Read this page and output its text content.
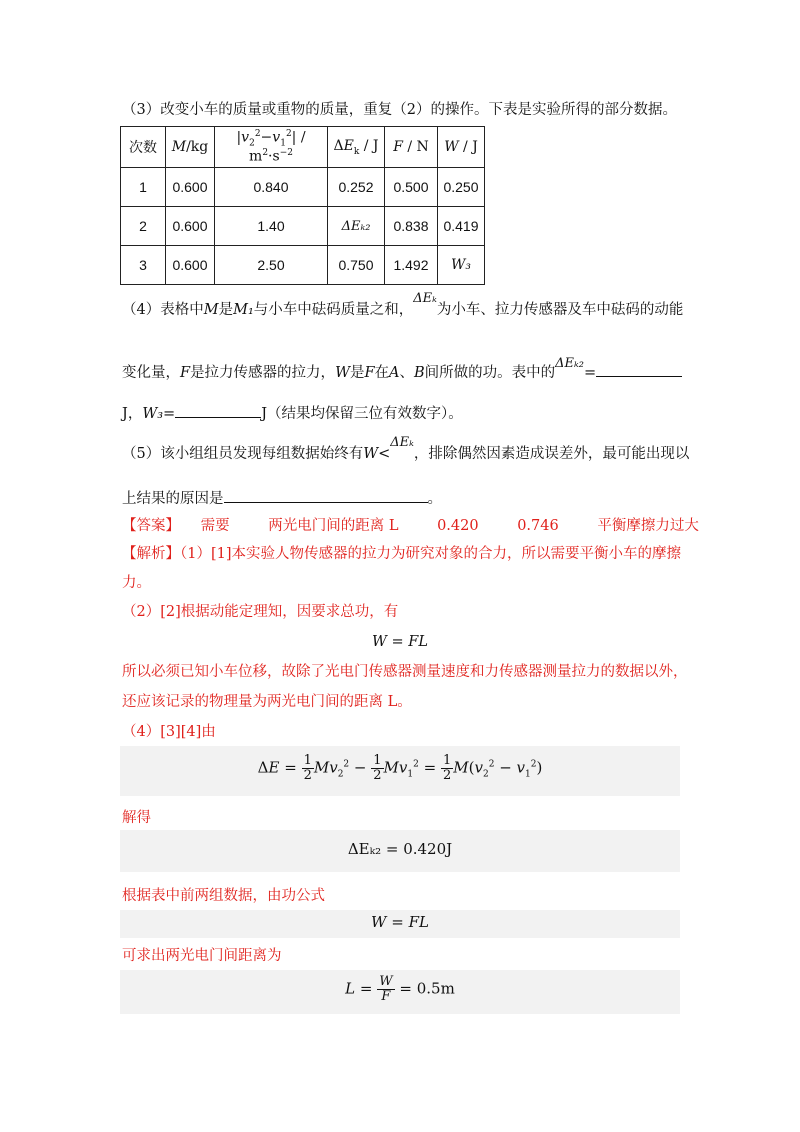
（3）改变小车的质量或重物的质量，重复（2）的操作。下表是实验所得的部分数据。
次数	M/kg	$|v_2^2-v_1^2| / m^2\cdot s^{-2}$	$\Delta E_k$ / J	F / N	W / J
1	0.600	0.840	0.252	0.500	0.250
2	0.600	1.40	ΔEₖ₂	0.838	0.419
3	0.600	2.50	0.750	1.492	W₃
（4）表格中M是M₁与小车中砝码质量之和，ΔEₖ为小车、拉力传感器及车中砝码的动能
变化量，F是拉力传感器的拉力，W是F在A、B间所做的功。表中的ΔEₖ₂=
J，W₃=	J（结果均保留三位有效数字）。
（5）该小组组员发现每组数据始终有W<ΔEₖ，排除偶然因素造成误差外，最可能出现以
上结果的原因是	。
【答案】 需要	两光电门间的距离 L	0.420	0.746	平衡摩擦力过大
【解析】（1）[1]本实验人物传感器的拉力为研究对象的合力，所以需要平衡小车的摩擦
力。
（2）[2]根据动能定理知，因要求总功，有
W = FL
所以必须已知小车位移，故除了光电门传感器测量速度和力传感器测量拉力的数据以外，
还应该记录的物理量为两光电门间的距离 L。
（4）[3][4]由
$\Delta E = \frac{1}{2} Mv_2^2 - \frac{1}{2} Mv_1^2 = \frac{1}{2} M(v_2^2 - v_1^2)$
解得
ΔEₖ₂ = 0.420J
根据表中前两组数据，由功公式
W = FL
可求出两光电门间距离为
$L = \frac{W}{F} = 0.5m$
